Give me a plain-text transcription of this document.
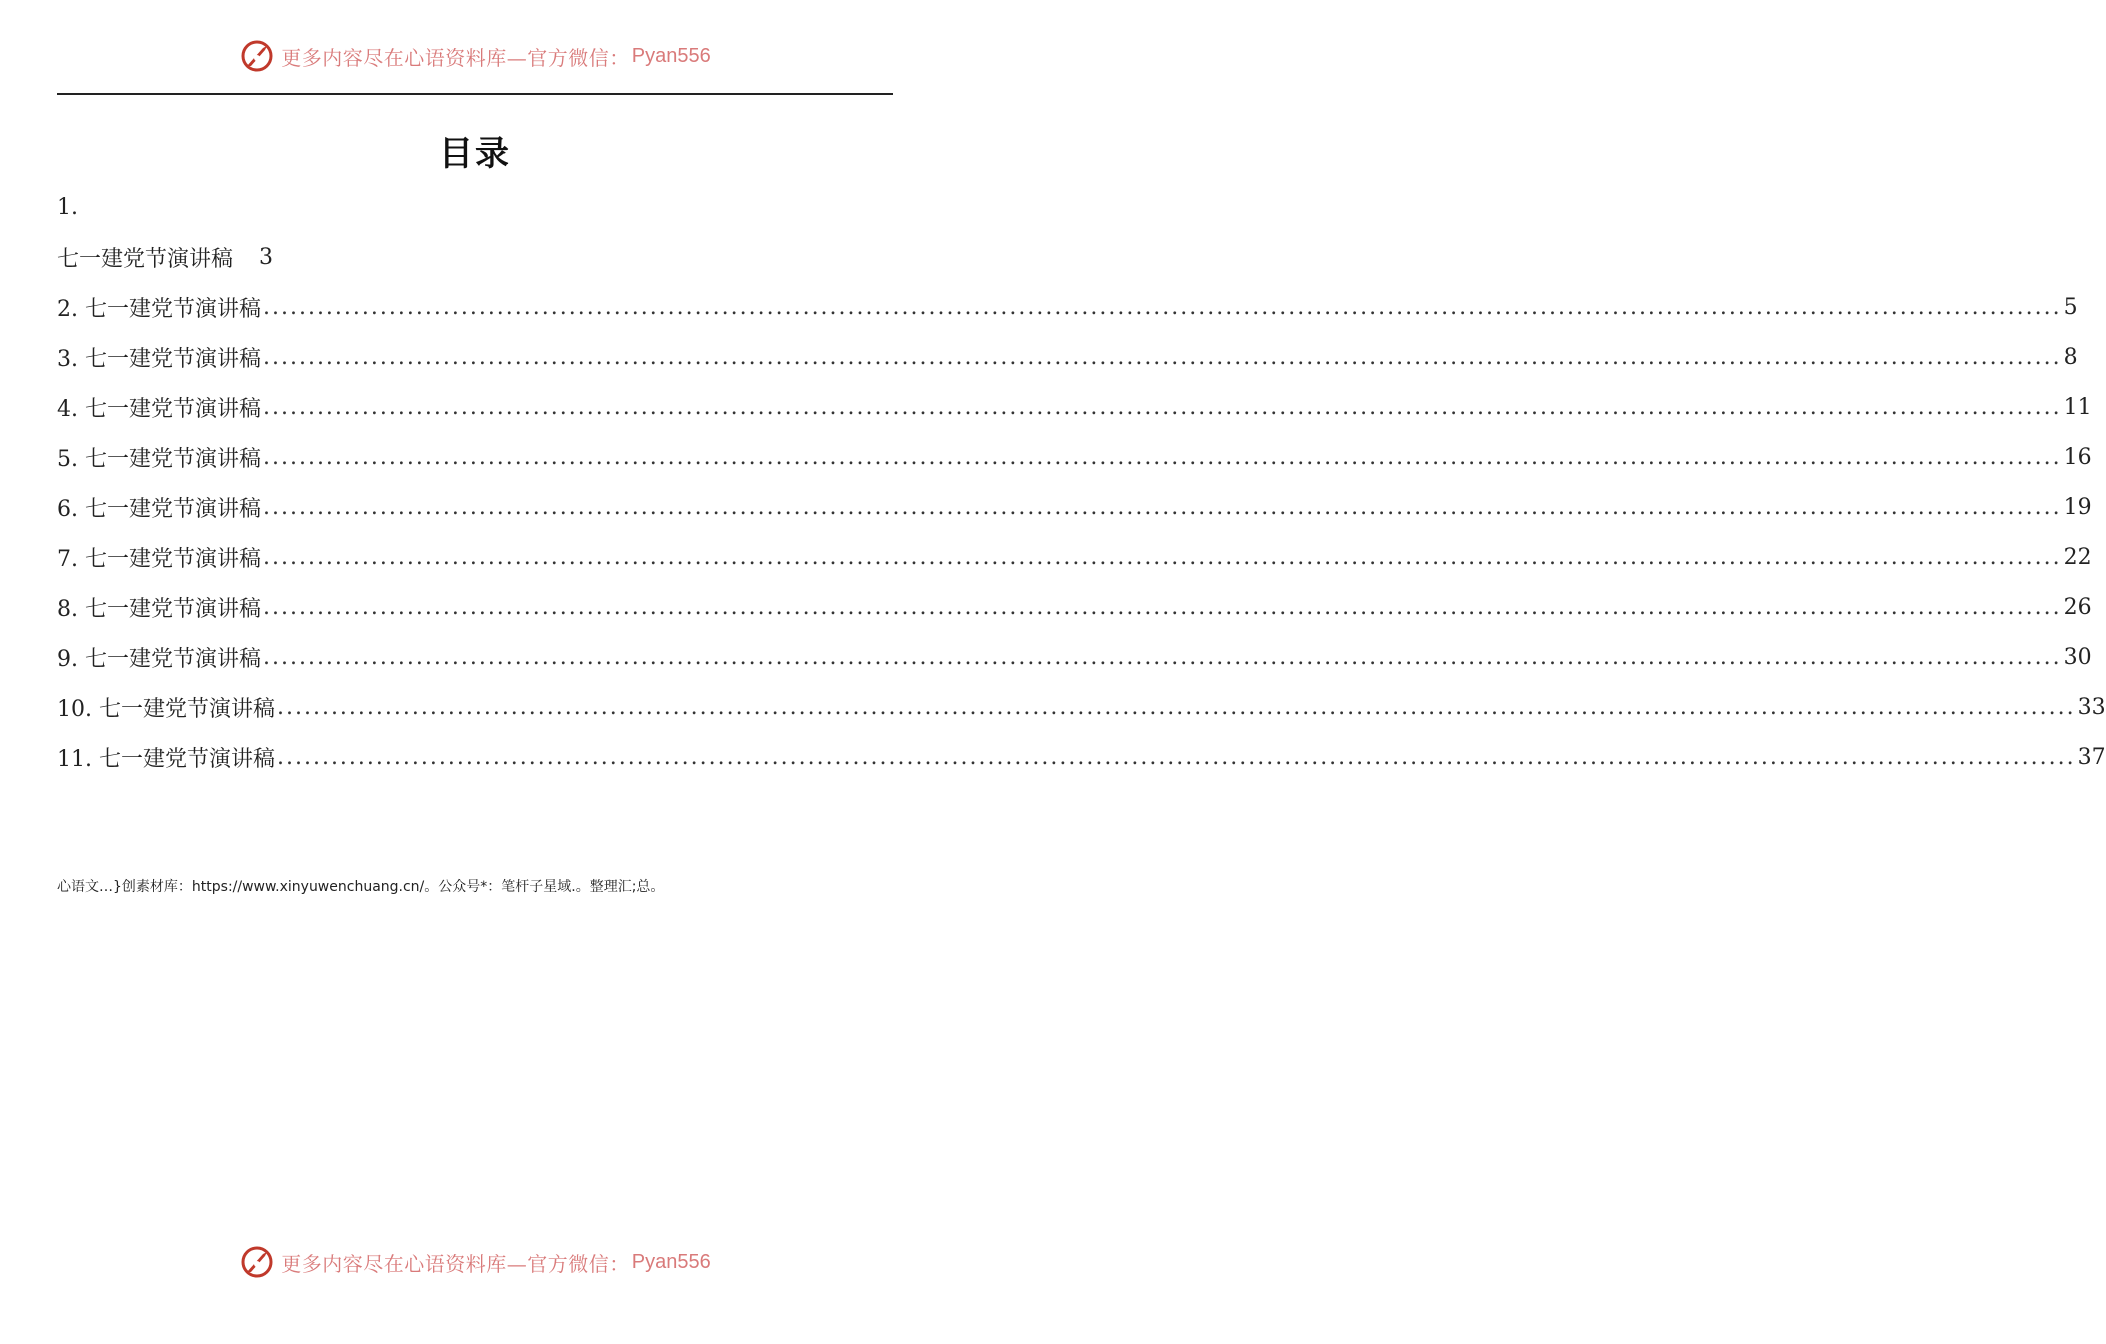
更多内容尽在心语资料库—官方微信： Pyan556
目录
1.
七一建党节演讲稿 3
2. 七一建党节演讲稿 ........................................................................................................................................................................................................ 5
3. 七一建党节演讲稿 ........................................................................................................................................................................................................ 8
4. 七一建党节演讲稿 ........................................................................................................................................................................................................ 11
5. 七一建党节演讲稿 ........................................................................................................................................................................................................ 16
6. 七一建党节演讲稿 ........................................................................................................................................................................................................ 19
7. 七一建党节演讲稿 ........................................................................................................................................................................................................ 22
8. 七一建党节演讲稿 ........................................................................................................................................................................................................ 26
9. 七一建党节演讲稿 ........................................................................................................................................................................................................ 30
10. 七一建党节演讲稿 ........................................................................................................................................................................................................ 33
11. 七一建党节演讲稿 ........................................................................................................................................................................................................ 37
心语文…}创素材库：https://www.xinyuwenchuang.cn/。公众号*：笔杆子星域.。整理汇;总。
更多内容尽在心语资料库—官方微信： Pyan556
